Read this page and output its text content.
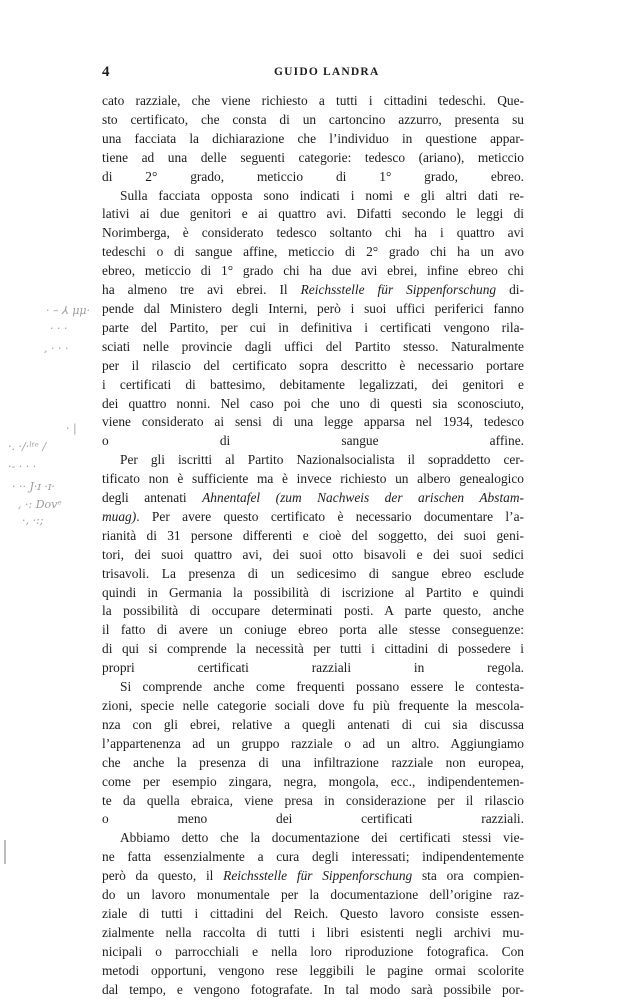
4	GUIDO LANDRA
· – ⅄ μμ·
· · ·
, · · ·
· |
·. ·/·ˡᵗᵉ /
·- · · ·
· ·· J·ɪ ·ɪ·
, ·: Dovᵉ
·, ·:;

cato razziale, che viene richiesto a tutti i cittadini tedeschi. Que-
sto certificato, che consta di un cartoncino azzurro, presenta su
una facciata la dichiarazione che l’individuo in questione appar-
tiene ad una delle seguenti categorie: tedesco (ariano), meticcio
di 2° grado, meticcio di 1° grado, ebreo.

Sulla facciata opposta sono indicati i nomi e gli altri dati re-
lativi ai due genitori e ai quattro avi. Difatti secondo le leggi di
Norimberga, è considerato tedesco soltanto chi ha i quattro avi
tedeschi o di sangue affine, meticcio di 2° grado chi ha un avo
ebreo, meticcio di 1° grado chi ha due avi ebrei, infine ebreo chi
ha almeno tre avi ebrei. Il Reichsstelle für Sippenforschung di-
pende dal Ministero degli Interni, però i suoi uffici periferici fanno
parte del Partito, per cui in definitiva i certificati vengono rila-
sciati nelle provincie dagli uffici del Partito stesso. Naturalmente
per il rilascio del certificato sopra descritto è necessario portare
i certificati di battesimo, debitamente legalizzati, dei genitori e
dei quattro nonni. Nel caso poi che uno di questi sia sconosciuto,
viene considerato ai sensi di una legge apparsa nel 1934, tedesco
o di sangue affine.

Per gli iscritti al Partito Nazionalsocialista il sopraddetto cer-
tificato non è sufficiente ma è invece richiesto un albero genealogico
degli antenati Ahnentafel (zum Nachweis der arischen Abstam-
muag). Per avere questo certificato è necessario documentare l’a-
rianità di 31 persone differenti e cioè del soggetto, dei suoi geni-
tori, dei suoi quattro avi, dei suoi otto bisavoli e dei suoi sedici
trisavoli. La presenza di un sedicesimo di sangue ebreo esclude
quindi in Germania la possibilità di iscrizione al Partito e quindi
la possibilità di occupare determinati posti. A parte questo, anche
il fatto di avere un coniuge ebreo porta alle stesse conseguenze:
di qui si comprende la necessità per tutti i cittadini di possedere i
propri certificati razziali in regola.

Si comprende anche come frequenti possano essere le contesta-
zioni, specie nelle categorie sociali dove fu più frequente la mescola-
nza con gli ebrei, relative a quegli antenati di cui sia discussa
l’appartenenza ad un gruppo razziale o ad un altro. Aggiungiamo
che anche la presenza di una infiltrazione razziale non europea,
come per esempio zingara, negra, mongola, ecc., indipendentemen-
te da quella ebraica, viene presa in considerazione per il rilascio
o meno dei certificati razziali.

Abbiamo detto che la documentazione dei certificati stessi vie-
ne fatta essenzialmente a cura degli interessati; indipendentemente
però da questo, il Reichsstelle für Sippenforschung sta ora compien-
do un lavoro monumentale per la documentazione dell’origine raz-
ziale di tutti i cittadini del Reich. Questo lavoro consiste essen-
zialmente nella raccolta di tutti i libri esistenti negli archivi mu-
nicipali o parrocchiali e nella loro riproduzione fotografica. Con
metodi opportuni, vengono rese leggibili le pagine ormai scolorite
dal tempo, e vengono fotografate. In tal modo sarà possibile por-
